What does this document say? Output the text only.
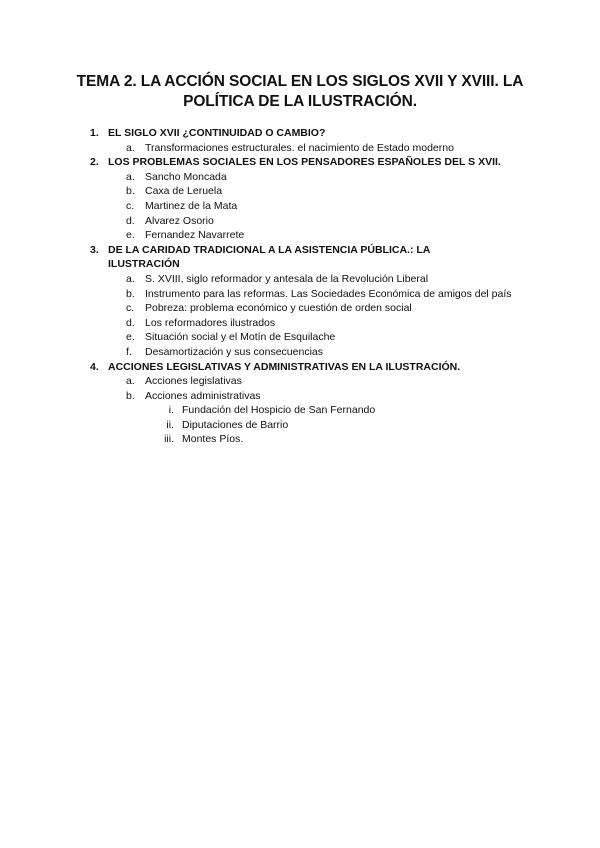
TEMA 2. LA ACCIÓN SOCIAL EN LOS SIGLOS XVII Y XVIII. LA POLÍTICA DE LA ILUSTRACIÓN.
1. EL SIGLO XVII ¿CONTINUIDAD O CAMBIO?
a. Transformaciones estructurales. el nacimiento de Estado moderno
2. LOS PROBLEMAS SOCIALES EN LOS PENSADORES ESPAÑOLES DEL S XVII.
a. Sancho Moncada
b. Caxa de Leruela
c. Martinez de la Mata
d. Alvarez Osorio
e. Fernandez Navarrete
3. DE LA CARIDAD TRADICIONAL A LA ASISTENCIA PÚBLICA.: LA ILUSTRACIÓN
a. S. XVIII, siglo reformador y antesala de la Revolución Liberal
b. Instrumento para las reformas. Las Sociedades Económica de amigos del país
c. Pobreza: problema económico y cuestión de orden social
d. Los reformadores ilustrados
e. Situación social y el Motín de Esquilache
f. Desamortización y sus consecuencias
4. ACCIONES LEGISLATIVAS Y ADMINISTRATIVAS EN LA ILUSTRACIÓN.
a. Acciones legislativas
b. Acciones administrativas
i. Fundación del Hospicio de San Fernando
ii. Diputaciones de Barrio
iii. Montes Píos.
